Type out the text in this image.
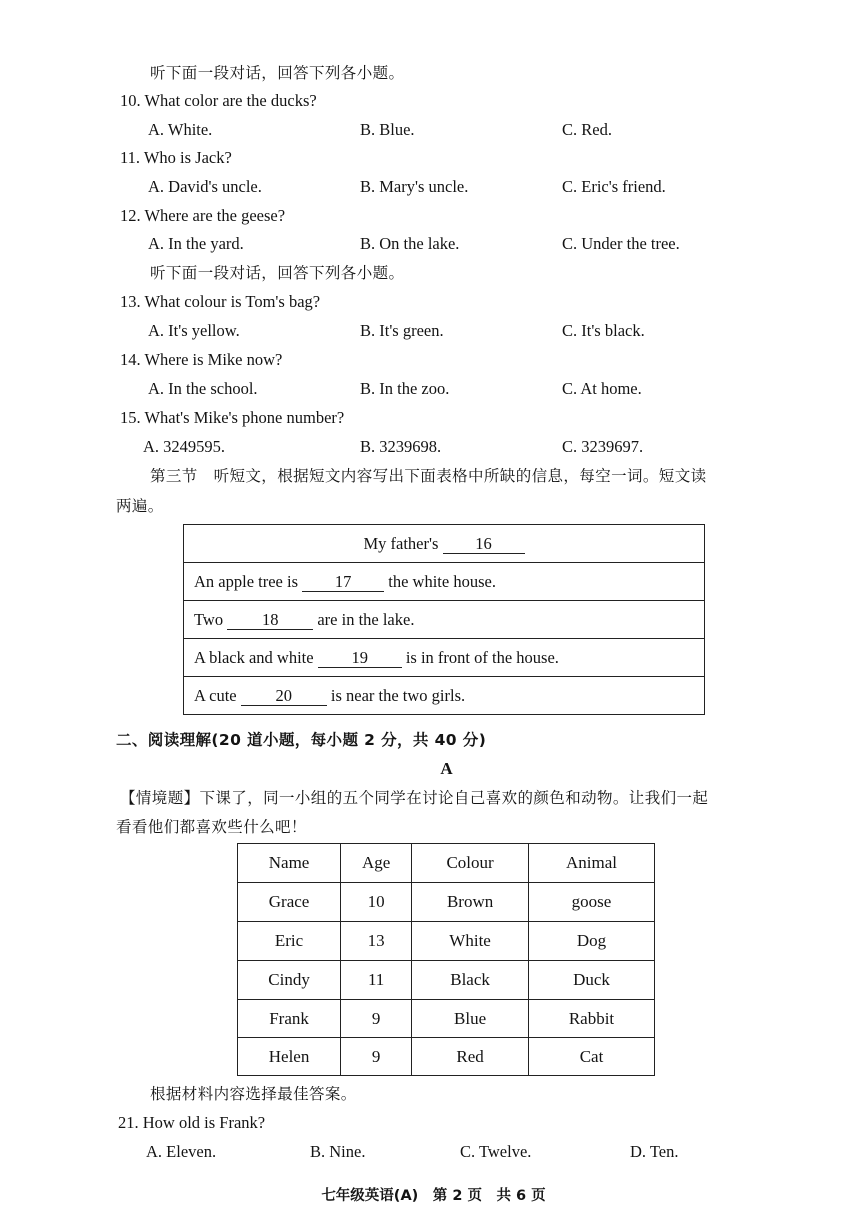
听下面一段对话，回答下列各小题。
10. What color are the ducks?
A. White.	B. Blue.	C. Red.
11. Who is Jack?
A. David's uncle.	B. Mary's uncle.	C. Eric's friend.
12. Where are the geese?
A. In the yard.	B. On the lake.	C. Under the tree.
听下面一段对话，回答下列各小题。
13. What colour is Tom's bag?
A. It's yellow.	B. It's green.	C. It's black.
14. Where is Mike now?
A. In the school.	B. In the zoo.	C. At home.
15. What's Mike's phone number?
A. 3249595.	B. 3239698.	C. 3239697.
第三节　听短文，根据短文内容写出下面表格中所缺的信息，每空一词。短文读
两遍。
My father's 16
An apple tree is 17 the white house.
Two 18 are in the lake.
A black and white 19 is in front of the house.
A cute 20 is near the two girls.
二、阅读理解(20 道小题，每小题 2 分，共 40 分)
A
【情境题】下课了，同一小组的五个同学在讨论自己喜欢的颜色和动物。让我们一起
看看他们都喜欢些什么吧！
Name	Age	Colour	Animal
Grace	10	Brown	goose
Eric	13	White	Dog
Cindy	11	Black	Duck
Frank	9	Blue	Rabbit
Helen	9	Red	Cat
根据材料内容选择最佳答案。
21. How old is Frank?
A. Eleven.	B. Nine.	C. Twelve.	D. Ten.
七年级英语(A)　第 2 页　共 6 页
